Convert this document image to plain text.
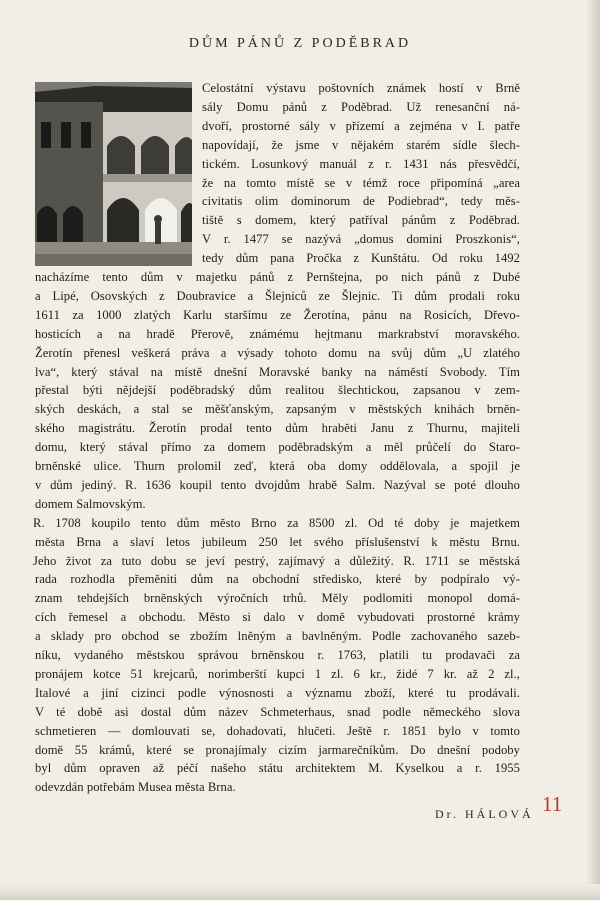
DŮM PÁNŮ Z PODĚBRAD
Celostátní výstavu poštovních známek hostí v Brně
sály Domu pánů z Poděbrad. Už renesanční ná-
dvoří, prostorné sály v přízemí a zejména v I. patře
napovídají, že jsme v nějakém starém sídle šlech-
tickém. Losunkový manuál z r. 1431 nás přesvědčí,
že na tomto místě se v témž roce připomíná „area
civitatis olim dominorum de Podiebrad“, tedy měs-
tiště s domem, který patříval pánům z Poděbrad.
V r. 1477 se nazývá „domus domini Proszkonis“,
tedy dům pana Pročka z Kunštátu. Od roku 1492
nacházíme tento dům v majetku pánů z Pernštejna, po nich pánů z Dubé
a Lipé, Osovských z Doubravice a Šlejniců ze Šlejnic. Ti dům prodali roku
1611 za 1000 zlatých Karlu staršímu ze Žerotína, pánu na Rosicích, Dřevo-
hosticích a na hradě Přerově, známému hejtmanu markrabství moravského.
Žerotín přenesl veškerá práva a výsady tohoto domu na svůj dům „U zlatého
lva“, který stával na místě dnešní Moravské banky na náměstí Svobody. Tím
přestal býti nějdejší poděbradský dům realitou šlechtickou, zapsanou v zem-
ských deskách, a stal se měšťanským, zapsaným v městských knihách brněn-
ského magistrátu. Žerotín prodal tento dům hraběti Janu z Thurnu, majiteli
domu, který stával přímo za domem poděbradským a měl průčelí do Staro-
brněnské ulice. Thurn prolomil zeď, která oba domy oddělovala, a spojil je
v dům jediný. R. 1636 koupil tento dvojdům hrabě Salm. Nazýval se poté dlouho
domem Salmovským.
R. 1708 koupilo tento dům město Brno za 8500 zl. Od té doby je majetkem
města Brna a slaví letos jubileum 250 let svého příslušenství k městu Brnu.
Jeho život za tuto dobu se jeví pestrý, zajímavý a důležitý. R. 1711 se městská
rada rozhodla přeměniti dům na obchodní středisko, které by podpíralo vý-
znam tehdejších brněnských výročních trhů. Měly podlomiti monopol domá-
cích řemesel a obchodu. Město si dalo v domě vybudovati prostorné krámy
a sklady pro obchod se zbožím lněným a bavlněným. Podle zachovaného sazeb-
níku, vydaného městskou správou brněnskou r. 1763, platili tu prodavači za
pronájem kotce 51 krejcarů, norimberští kupci 1 zl. 6 kr., židé 7 kr. až 2 zl.,
Italové a jiní cizinci podle výnosnosti a významu zboží, které tu prodávali.
V té době asi dostal dům název Schmeterhaus, snad podle německého slova
schmetieren — domlouvati se, dohadovati, hlučeti. Ještě r. 1851 bylo v tomto
domě 55 krámů, které se pronajímaly cizím jarmarečníkům. Do dnešní podoby
byl dům opraven až péčí našeho státu architektem M. Kyselkou a r. 1955
odevzdán potřebám Musea města Brna.
Dr. HÁLOVÁ 11
